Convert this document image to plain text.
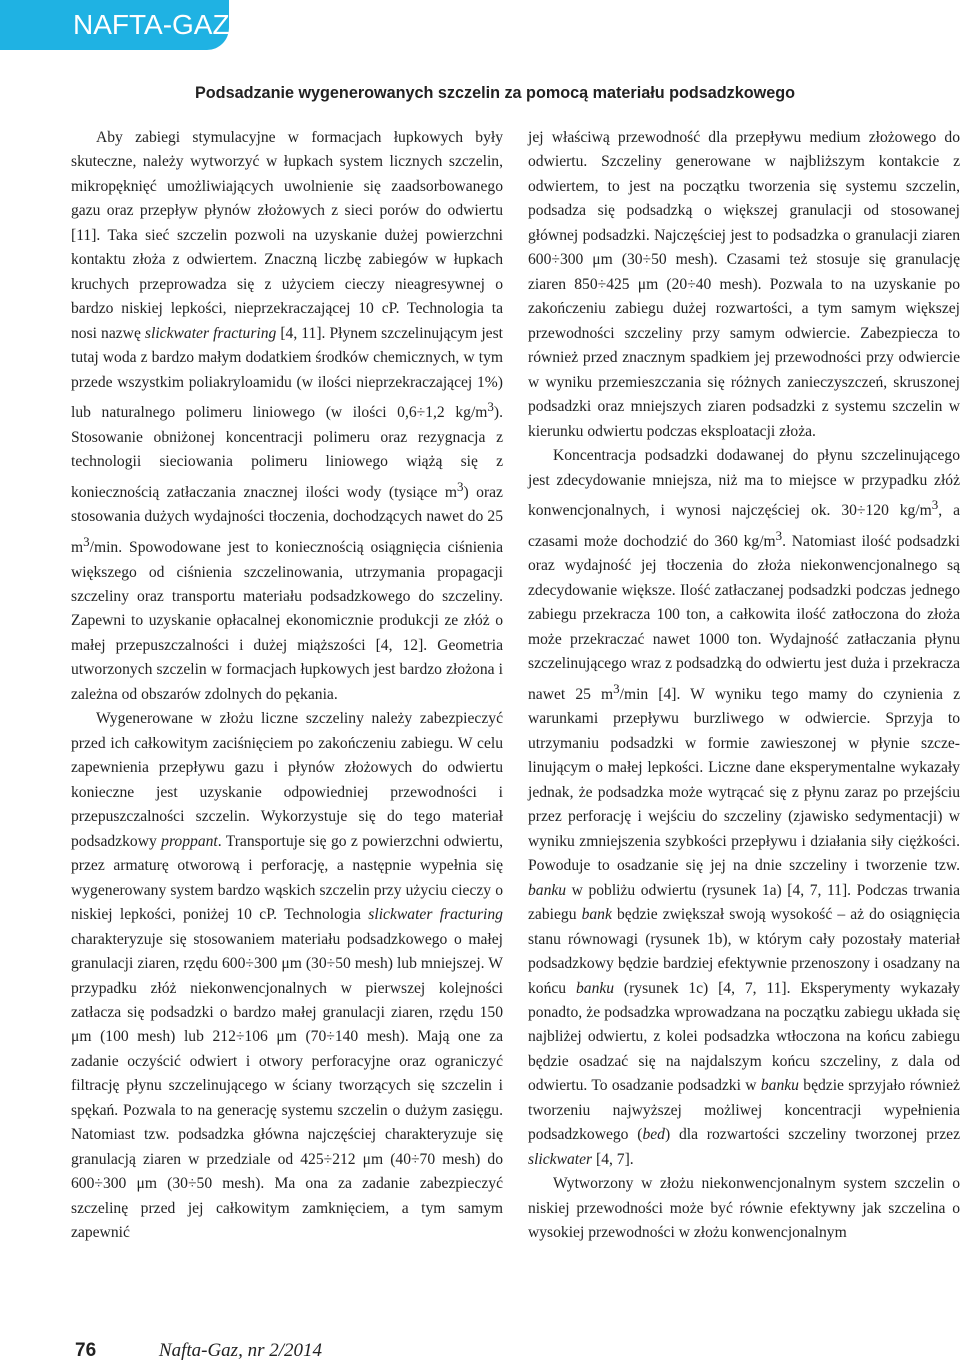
NAFTA-GAZ
Podsadzanie wygenerowanych szczelin za pomocą materiału podsadzkowego

Aby zabiegi stymulacyjne w formacjach łupkowych były skuteczne, należy wytworzyć w łupkach system licznych szczelin, mikropęknięć umożliwiających uwolnienie się zaadsorbowanego gazu oraz przepływ płynów złożowych z sieci porów do odwiertu [11]. Taka sieć szczelin pozwoli na uzyskanie dużej powierzchni kontaktu złoża z odwiertem. Znaczną liczbę zabiegów w łupkach kruchych przeprowadza się z użyciem cieczy nieagresywnej o bardzo niskiej lepkości, nieprzekraczającej 10 cP. Technologia ta nosi nazwę slickwater fracturing [4, 11]. Płynem szczelinującym jest tutaj woda z bardzo małym dodatkiem środków chemicznych, w tym przede wszystkim poliakryloamidu (w ilości nieprzekraczającej 1%) lub naturalnego polimeru liniowego (w ilości 0,6÷1,2 $kg/m^3$). Stosowanie obniżonej koncentracji polimeru oraz rezygnacja z technologii sieciowania polimeru liniowego wiążą się z koniecznością zatłaczania znacznej ilości wody (tysiące $m^3$) oraz stosowania dużych wydajności tłoczenia, dochodzących nawet do 25 $m^3/\min$. Spowodowane jest to koniecznością osiągnięcia ciśnienia większego od ciśnienia szczelinowania, utrzymania propagacji szczeliny oraz transportu materiału podsadzkowego do szczeliny. Zapewni to uzyskanie opłacalnej ekonomicznie produkcji ze złóż o małej przepuszczalności i dużej miąższości [4, 12]. Geometria utworzonych szczelin w formacjach łupkowych jest bardzo złożona i zależna od obszarów zdolnych do pękania.

Wygenerowane w złożu liczne szczeliny należy zabezpieczyć przed ich całkowitym zaciśnięciem po zakończeniu zabiegu. W celu zapewnienia przepływu gazu i płynów złożowych do odwiertu konieczne jest uzyskanie odpowiedniej przewodności i przepuszczalności szczelin. Wykorzystuje się do tego materiał podsadzkowy proppant. Transportuje się go z powierzchni odwiertu, przez armaturę otworową i perforację, a następnie wypełnia się wygenerowany system bardzo wąskich szczelin przy użyciu cieczy o niskiej lepkości, poniżej 10 cP. Technologia slickwater fracturing charakteryzuje się stosowaniem materiału podsadzkowego o małej granulacji ziaren, rzędu 600÷300 μm (30÷50 mesh) lub mniejszej. W przypadku złóż niekonwencjonalnych w pierwszej kolejności zatłacza się podsadzki o bardzo małej granulacji ziaren, rzędu 150 μm (100 mesh) lub 212÷106 μm (70÷140 mesh). Mają one za zadanie oczyścić odwiert i otwory perforacyjne oraz ograniczyć filtrację płynu szczelinującego w ściany tworzących się szczelin i spękań. Pozwala to na generację systemu szczelin o dużym zasięgu. Natomiast tzw. podsadzka główna najczęściej charakteryzuje się granulacją ziaren w przedziale od 425÷212 μm (40÷70 mesh) do 600÷300 μm (30÷50 mesh). Ma ona za zadanie zabezpieczyć szczelinę przed jej całkowitym zamknięciem, a tym samym zapewnić

jej właściwą przewodność dla przepływu medium złożowego do odwiertu. Szczeliny generowane w najbliższym kontakcie z odwiertem, to jest na początku tworzenia się systemu szczelin, podsadza się podsadzką o większej granulacji od stosowanej głównej podsadzki. Najczęściej jest to podsadzka o granulacji ziaren 600÷300 μm (30÷50 mesh). Czasami też stosuje się granulację ziaren 850÷425 μm (20÷40 mesh). Pozwala to na uzyskanie po zakończeniu zabiegu dużej rozwartości, a tym samym większej przewodności szczeliny przy samym odwiercie. Zabezpiecza to również przed znacznym spadkiem jej przewodności przy odwiercie w wyniku przemieszczania się różnych zanieczyszczeń, skruszonej podsadzki oraz mniejszych ziaren podsadzki z systemu szczelin w kierunku odwiertu podczas eksploatacji złoża.

Koncentracja podsadzki dodawanej do płynu szczelinującego jest zdecydowanie mniejsza, niż ma to miejsce w przypadku złóż konwencjonalnych, i wynosi najczęściej ok. 30÷120 $kg/m^3$, a czasami może dochodzić do 360 $kg/m^3$. Natomiast ilość podsadzki oraz wydajność jej tłoczenia do złoża niekonwencjonalnego są zdecydowanie większe. Ilość zatłaczanej podsadzki podczas jednego zabiegu przekracza 100 ton, a całkowita ilość zatłoczona do złoża może przekraczać nawet 1000 ton. Wydajność zatłaczania płynu szczelinującego wraz z podsadzką do odwiertu jest duża i przekracza nawet 25 $m^3/\min$ [4]. W wyniku tego mamy do czynienia z warunkami przepływu burzliwego w odwiercie. Sprzyja to utrzymaniu podsadzki w formie zawieszonej w płynie szczelinującym o małej lepkości. Liczne dane eksperymentalne wykazały jednak, że podsadzka może wytrącać się z płynu zaraz po przejściu przez perforację i wejściu do szczeliny (zjawisko sedymentacji) w wyniku zmniejszenia szybkości przepływu i działania siły ciężkości. Powoduje to osadzanie się jej na dnie szczeliny i tworzenie tzw. banku w pobliżu odwiertu (rysunek 1a) [4, 7, 11]. Podczas trwania zabiegu bank będzie zwiększał swoją wysokość – aż do osiągnięcia stanu równowagi (rysunek 1b), w którym cały pozostały materiał podsadzkowy będzie bardziej efektywnie przenoszony i osadzany na końcu banku (rysunek 1c) [4, 7, 11]. Eksperymenty wykazały ponadto, że podsadzka wprowadzana na początku zabiegu układa się najbliżej odwiertu, z kolei podsadzka wtłoczona na końcu zabiegu będzie osadzać się na najdalszym końcu szczeliny, z dala od odwiertu. To osadzanie podsadzki w banku będzie sprzyjało również tworzeniu najwyższej możliwej koncentracji wypełnienia podsadzkowego (bed) dla rozwartości szczeliny tworzonej przez slickwater [4, 7].

Wytworzony w złożu niekonwencjonalnym system szczelin o niskiej przewodności może być równie efektywny jak szczelina o wysokiej przewodności w złożu konwencjonalnym

76	Nafta-Gaz, nr 2/2014
